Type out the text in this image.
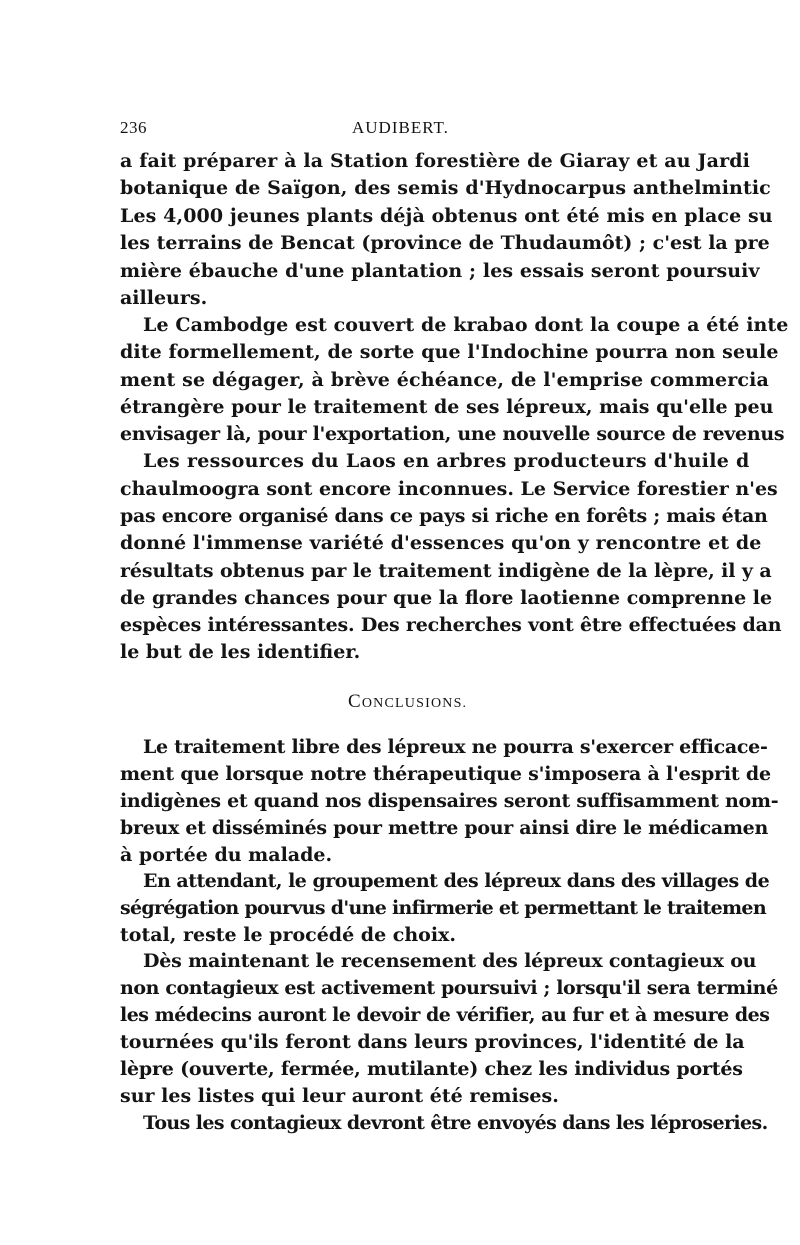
236	AUDIBERT.
a fait préparer à la Station forestière de Giaray et au Jardi
botanique de Saïgon, des semis d'Hydnocarpus anthelmintic
Les 4,000 jeunes plants déjà obtenus ont été mis en place su
les terrains de Bencat (province de Thudaumôt) ; c'est la pre
mière ébauche d'une plantation ; les essais seront poursuiv
ailleurs.
Le Cambodge est couvert de krabao dont la coupe a été inte
dite formellement, de sorte que l'Indochine pourra non seule
ment se dégager, à brève échéance, de l'emprise commercia
étrangère pour le traitement de ses lépreux, mais qu'elle peu
envisager là, pour l'exportation, une nouvelle source de revenus
Les ressources du Laos en arbres producteurs d'huile d
chaulmoogra sont encore inconnues. Le Service forestier n'es
pas encore organisé dans ce pays si riche en forêts ; mais étan
donné l'immense variété d'essences qu'on y rencontre et de
résultats obtenus par le traitement indigène de la lèpre, il y a
de grandes chances pour que la flore laotienne comprenne le
espèces intéressantes. Des recherches vont être effectuées dan
le but de les identifier.
CONCLUSIONS.
Le traitement libre des lépreux ne pourra s'exercer efficace-
ment que lorsque notre thérapeutique s'imposera à l'esprit de
indigènes et quand nos dispensaires seront suffisamment nom-
breux et disséminés pour mettre pour ainsi dire le médicamen
à portée du malade.
En attendant, le groupement des lépreux dans des villages de
ségrégation pourvus d'une infirmerie et permettant le traitemen
total, reste le procédé de choix.
Dès maintenant le recensement des lépreux contagieux ou
non contagieux est activement poursuivi ; lorsqu'il sera terminé
les médecins auront le devoir de vérifier, au fur et à mesure des
tournées qu'ils feront dans leurs provinces, l'identité de la
lèpre (ouverte, fermée, mutilante) chez les individus portés
sur les listes qui leur auront été remises.
Tous les contagieux devront être envoyés dans les léproseries.
